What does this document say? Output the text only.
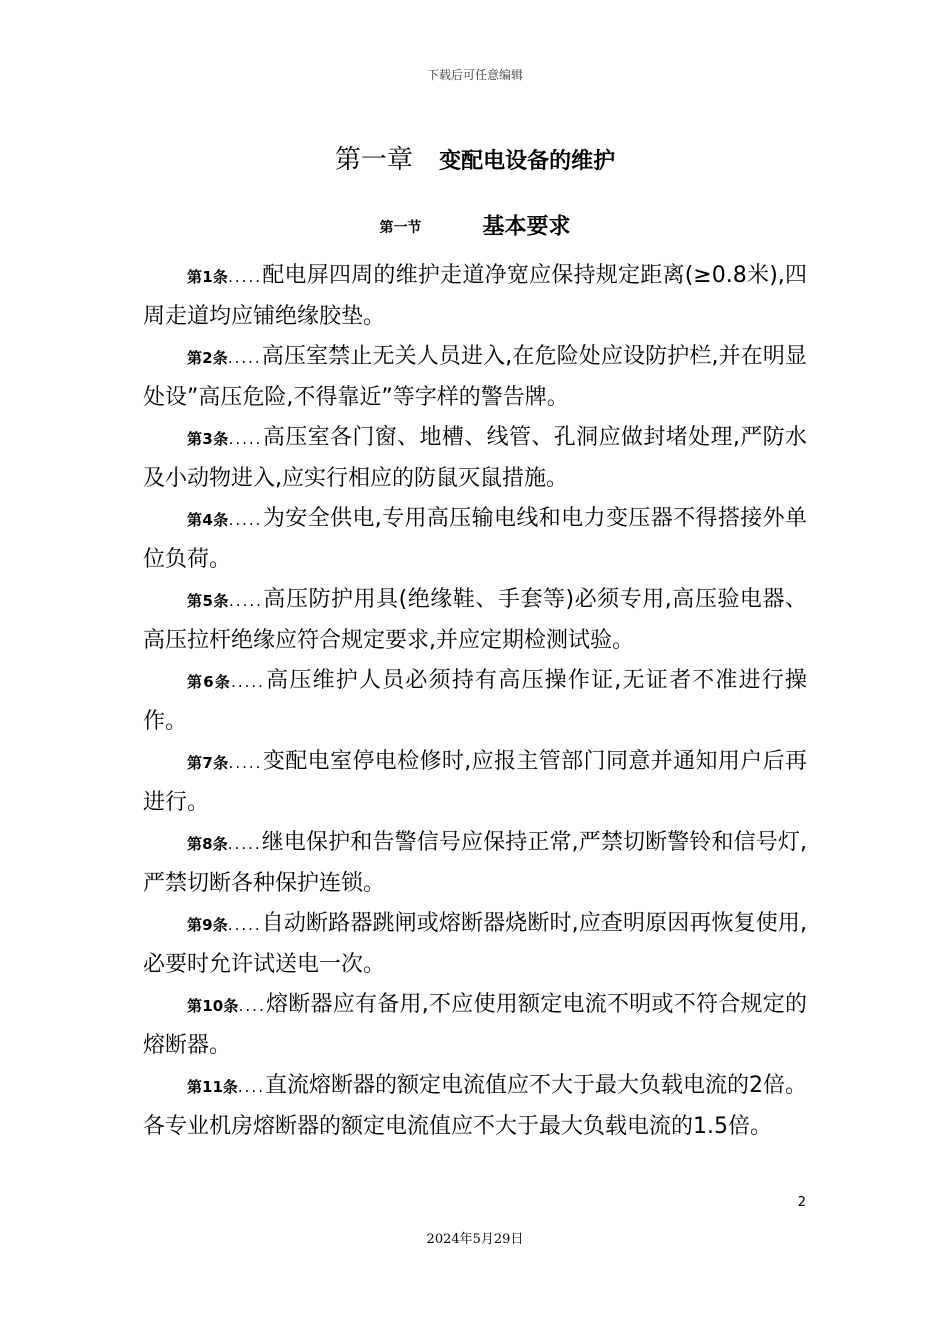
下载后可任意编辑
第一章 变配电设备的维护
第一节	基本要求

第1条.....配电屏四周的维护走道净宽应保持规定距离(≥0.8米),四周走道均应铺绝缘胶垫。

第2条.....高压室禁止无关人员进入,在危险处应设防护栏,并在明显处设”高压危险,不得靠近”等字样的警告牌。

第3条.....高压室各门窗、地槽、线管、孔洞应做封堵处理,严防水及小动物进入,应实行相应的防鼠灭鼠措施。

第4条.....为安全供电,专用高压输电线和电力变压器不得搭接外单位负荷。

第5条.....高压防护用具(绝缘鞋、手套等)必须专用,高压验电器、高压拉杆绝缘应符合规定要求,并应定期检测试验。

第6条.....高压维护人员必须持有高压操作证,无证者不准进行操作。

第7条.....变配电室停电检修时,应报主管部门同意并通知用户后再进行。

第8条.....继电保护和告警信号应保持正常,严禁切断警铃和信号灯,严禁切断各种保护连锁。

第9条.....自动断路器跳闸或熔断器烧断时,应查明原因再恢复使用,必要时允许试送电一次。

第10条....熔断器应有备用,不应使用额定电流不明或不符合规定的熔断器。

第11条....直流熔断器的额定电流值应不大于最大负载电流的2倍。各专业机房熔断器的额定电流值应不大于最大负载电流的1.5倍。

2
2024年5月29日
